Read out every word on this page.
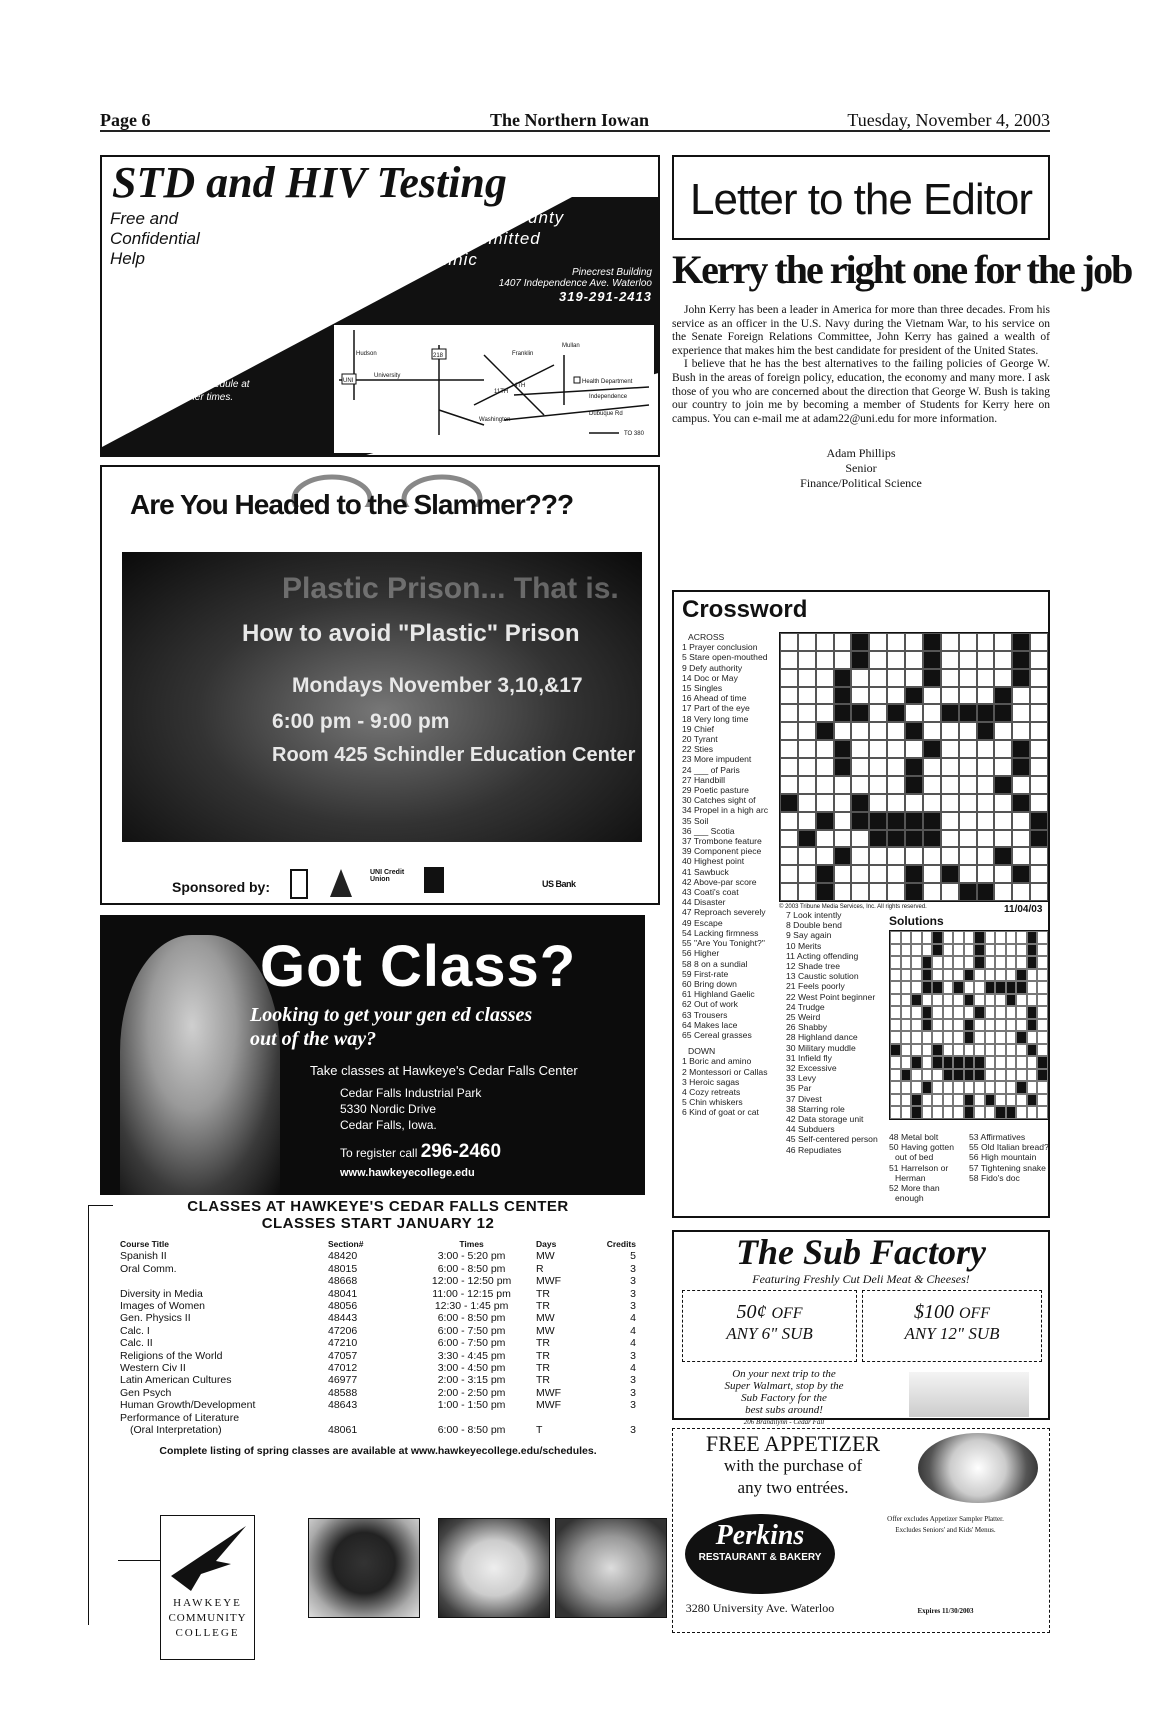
Page 6	The Northern Iowan	Tuesday, November 4, 2003
STD and HIV Testing
Free and
Confidential
Help
Black Hawk County
Sexually Transmitted
Disease Clinic
Clinic Hours:
MWF 12:30 - 3:45
Tue. 8:30 - 11:00
Thu. 12:30 - 4:45
No Appointment
Needed.
Able to schedule at
other times.
Pinecrest Building
1407 Independence Ave. Waterloo
319-291-2413
Hudson
UNI
University
218	Franklin
11TH
4TH
Mullan
Washington
Health Department
Independence
Dubuque Rd
TO 380
Are You Headed to the Slammer???
Plastic Prison... That is.
How to avoid "Plastic" Prison
Mondays November 3,10,&17
6:00 pm - 9:00 pm
Room 425 Schindler Education Center
Sponsored by:
UNI Credit Union	US Bank
Got Class?
Looking to get your gen ed classes out of the way?
Take classes at Hawkeye's Cedar Falls Center
Cedar Falls Industrial Park
5330 Nordic Drive
Cedar Falls, Iowa.
To register call 296-2460
www.hawkeyecollege.edu
CLASSES AT HAWKEYE'S CEDAR FALLS CENTER
CLASSES START JANUARY 12
Course Title	Section#	Times	Days	Credits
Spanish II	48420	3:00 - 5:20 pm	MW	5
Oral Comm.	48015	6:00 - 8:50 pm	R	3
	48668	12:00 - 12:50 pm	MWF	3
Diversity in Media	48041	11:00 - 12:15 pm	TR	3
Images of Women	48056	12:30 - 1:45 pm	TR	3
Gen. Physics II	48443	6:00 - 8:50 pm	MW	4
Calc. I	47206	6:00 - 7:50 pm	MW	4
Calc. II	47210	6:00 - 7:50 pm	TR	4
Religions of the World	47057	3:30 - 4:45 pm	TR	3
Western Civ II	47012	3:00 - 4:50 pm	TR	4
Latin American Cultures	46977	2:00 - 3:15 pm	TR	3
Gen Psych	48588	2:00 - 2:50 pm	MWF	3
Human Growth/Development	48643	1:00 - 1:50 pm	MWF	3
Performance of Literature				
(Oral Interpretation)	48061	6:00 - 8:50 pm	T	3
Complete listing of spring classes are available at www.hawkeyecollege.edu/schedules.
HAWKEYE
COMMUNITY
COLLEGE
Letter to the Editor
Kerry the right one for the job

John Kerry has been a leader in America for more than three decades. From his service as an officer in the U.S. Navy during the Vietnam War, to his service on the Senate Foreign Relations Committee, John Kerry has gained a wealth of experience that makes him the best candidate for president of the United States.

I believe that he has the best alternatives to the failing policies of George W. Bush in the areas of foreign policy, education, the economy and many more. I ask those of you who are concerned about the direction that George W. Bush is taking our country to join me by becoming a member of Students for Kerry here on campus. You can e-mail me at adam22@uni.edu for more information.

Adam Phillips
Senior
Finance/Political Science
Crossword
ACROSS
1 Prayer conclusion
5 Stare open-mouthed
9 Defy authority
14 Doc or May
15 Singles
16 Ahead of time
17 Part of the eye
18 Very long time
19 Chief
20 Tyrant
22 Sties
23 More impudent
24 ___ of Paris
27 Handbill
29 Poetic pasture
30 Catches sight of
34 Propel in a high arc
35 Soil
36 ___ Scotia
37 Trombone feature
39 Component piece
40 Highest point
41 Sawbuck
42 Above-par score
43 Coati's coat
44 Disaster
47 Reproach severely
49 Escape
54 Lacking firmness
55 "Are You Tonight?"
56 Higher
58 8 on a sundial
59 First-rate
60 Bring down
61 Highland Gaelic
62 Out of work
63 Trousers
64 Makes lace
65 Cereal grasses
DOWN
1 Boric and amino
2 Montessori or Callas
3 Heroic sagas
4 Cozy retreats
5 Chin whiskers
6 Kind of goat or cat
7 Look intently
8 Double bend
9 Say again
10 Merits
11 Acting offending
12 Shade tree
13 Caustic solution
21 Feels poorly
22 West Point beginner
24 Trudge
25 Weird
26 Shabby
28 Highland dance
30 Military muddle
31 Infield fly
32 Excessive
33 Levy
35 Par
37 Divest
38 Starring role
42 Data storage unit
44 Subduers
45 Self-centered person
46 Repudiates
© 2003 Tribune Media Services, Inc. All rights reserved.	11/04/03
Solutions
48 Metal bolt
50 Having gotten out of bed
51 Harrelson or Herman
52 More than enough
53 Affirmatives
55 Old Italian bread?
56 High mountain
57 Tightening snake
58 Fido's doc
The Sub Factory
Featuring Freshly Cut Deli Meat & Cheeses!
50¢ OFF
ANY 6" SUB
$100 OFF
ANY 12" SUB
On your next trip to the
Super Walmart, stop by the
Sub Factory for the
best subs around!
206 Brandilynn - Cedar Fall
FREE APPETIZER
with the purchase of
any two entrées.
Perkins
RESTAURANT & BAKERY
3280 University Ave. Waterloo
Offer excludes Appetizer Sampler Platter.
Excludes Seniors' and Kids' Menus.
Expires 11/30/2003
